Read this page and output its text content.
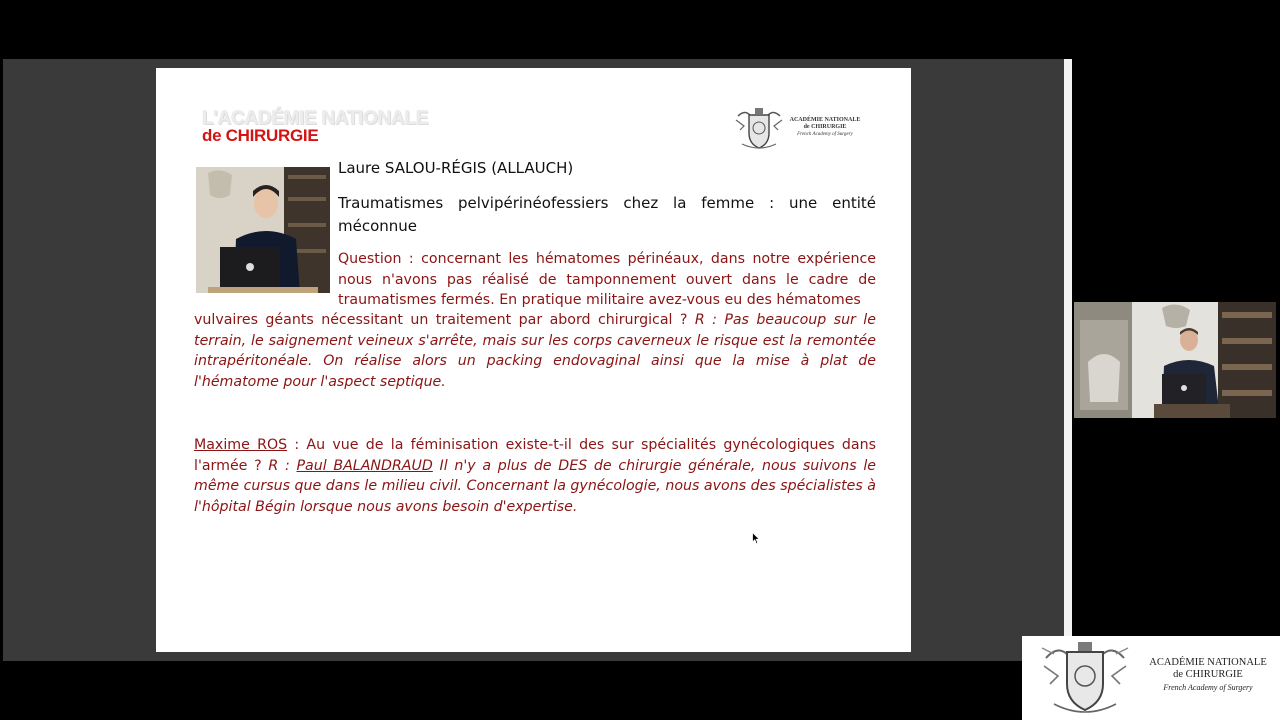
L'ACADÉMIE NATIONALE
de CHIRURGIE
ACADÉMIE NATIONALE
de CHIRURGIE
French Academy of Surgery
Laure SALOU-RÉGIS (ALLAUCH)
Traumatismes pelvipérinéofessiers chez la femme : une entité méconnue
Question : concernant les hématomes périnéaux, dans notre expérience nous n'avons pas réalisé de tamponnement ouvert dans le cadre de traumatismes fermés. En pratique militaire avez-vous eu des hématomes
vulvaires géants nécessitant un traitement par abord chirurgical ? R : Pas beaucoup sur le terrain, le saignement veineux s'arrête, mais sur les corps caverneux le risque est la remontée intrapéritonéale. On réalise alors un packing endovaginal ainsi que la mise à plat de l'hématome pour l'aspect septique.
Maxime ROS : Au vue de la féminisation existe-t-il des sur spécialités gynécologiques dans l'armée ? R : Paul BALANDRAUD Il n'y a plus de DES de chirurgie générale, nous suivons le même cursus que dans le milieu civil. Concernant la gynécologie, nous avons des spécialistes à l'hôpital Bégin lorsque nous avons besoin d'expertise.
ACADÉMIE NATIONALE
de CHIRURGIE
French Academy of Surgery
